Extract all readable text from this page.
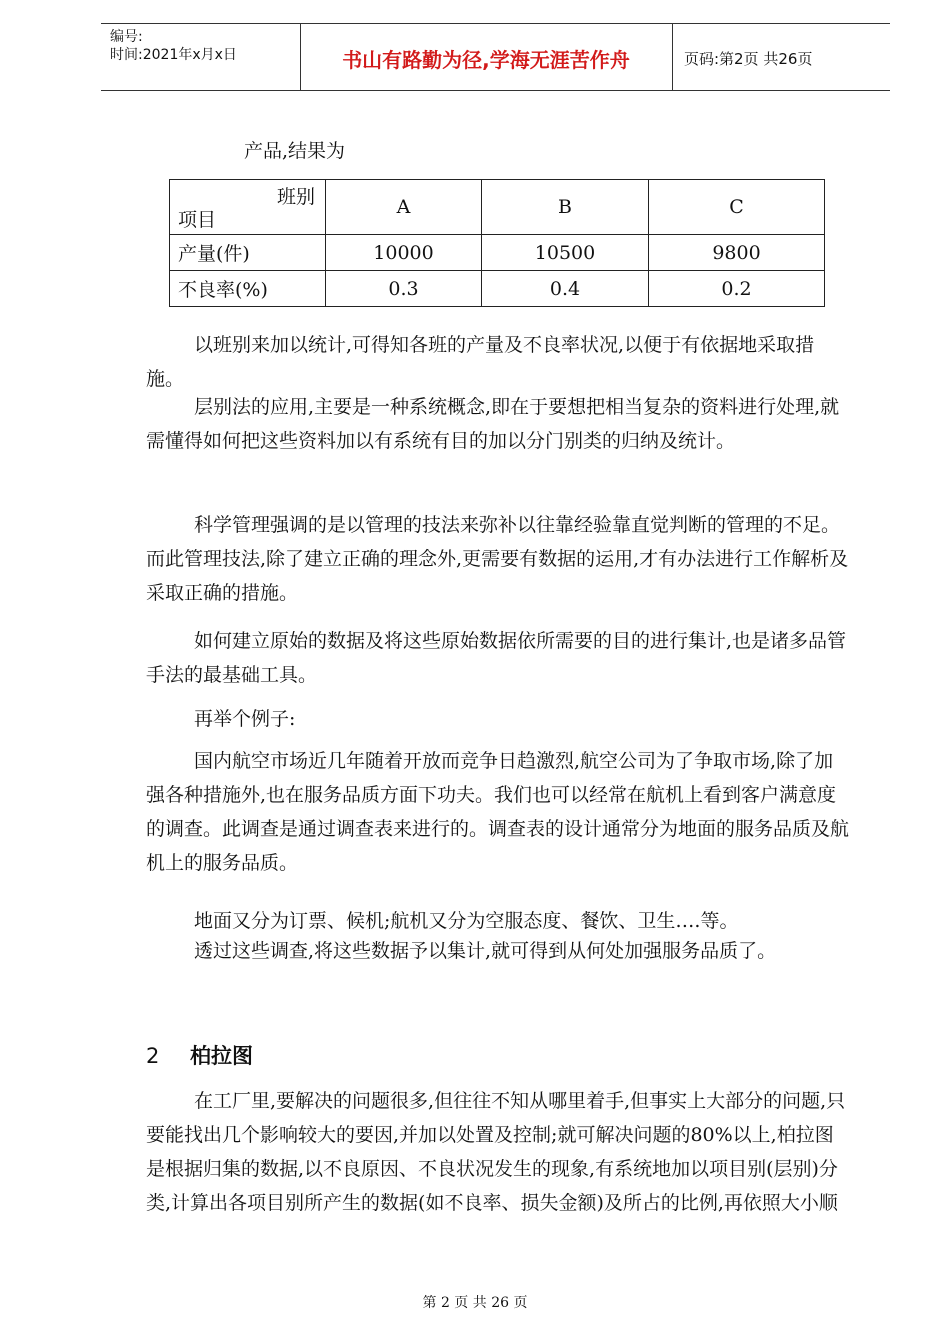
编号:
时间:2021年x月x日	书山有路勤为径,学海无涯苦作舟	页码:第2页 共26页

产品,结果为

班别
项目	A	B	C
产量(件)	10000	10500	9800
不良率(%)	0.3	0.4	0.2

以班别来加以统计,可得知各班的产量及不良率状况,以便于有依据地采取措施。

层别法的应用,主要是一种系统概念,即在于要想把相当复杂的资料进行处理,就需懂得如何把这些资料加以有系统有目的加以分门别类的归纳及统计。

科学管理强调的是以管理的技法来弥补以往靠经验靠直觉判断的管理的不足。而此管理技法,除了建立正确的理念外,更需要有数据的运用,才有办法进行工作解析及采取正确的措施。

如何建立原始的数据及将这些原始数据依所需要的目的进行集计,也是诸多品管手法的最基础工具。

再举个例子:

国内航空市场近几年随着开放而竞争日趋激烈,航空公司为了争取市场,除了加强各种措施外,也在服务品质方面下功夫。我们也可以经常在航机上看到客户满意度的调查。此调查是通过调查表来进行的。调查表的设计通常分为地面的服务品质及航机上的服务品质。

地面又分为订票、候机;航机又分为空服态度、餐饮、卫生….等。

透过这些调查,将这些数据予以集计,就可得到从何处加强服务品质了。

2 柏拉图

在工厂里,要解决的问题很多,但往往不知从哪里着手,但事实上大部分的问题,只要能找出几个影响较大的要因,并加以处置及控制;就可解决问题的80%以上,柏拉图是根据归集的数据,以不良原因、不良状况发生的现象,有系统地加以项目别(层别)分类,计算出各项目别所产生的数据(如不良率、损失金额)及所占的比例,再依照大小顺

第 2 页 共 26 页
